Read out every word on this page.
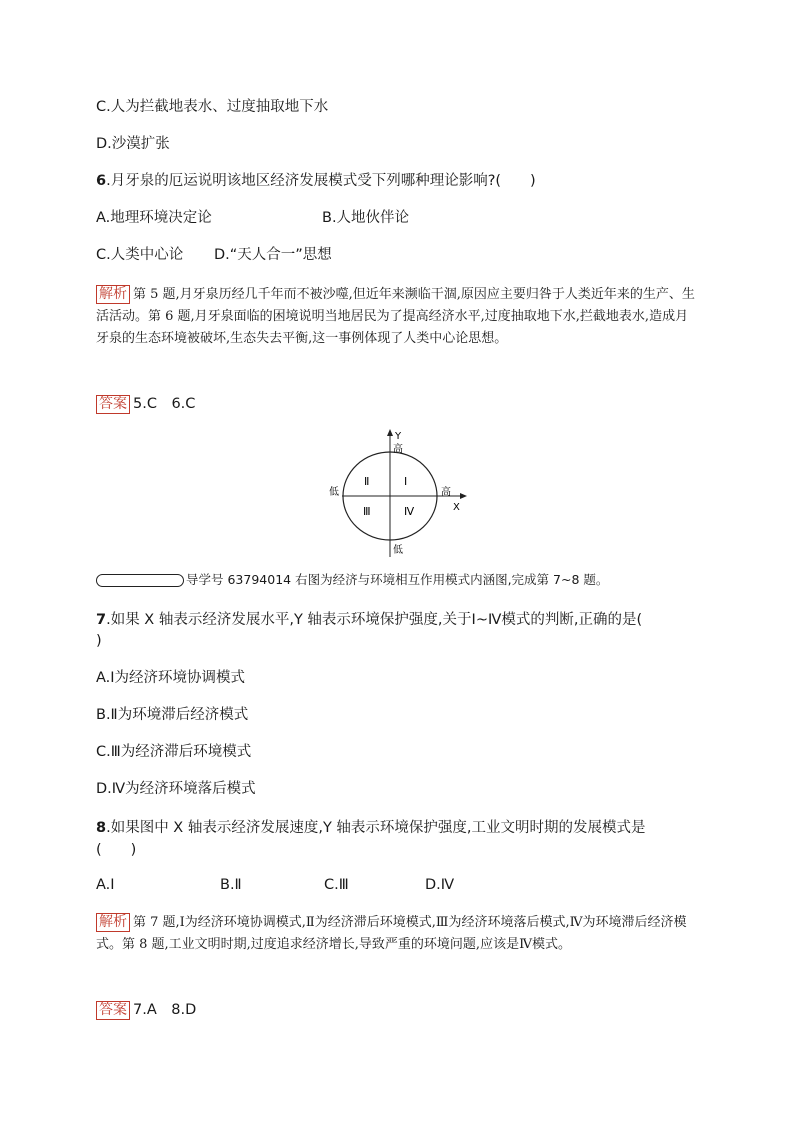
C.人为拦截地表水、过度抽取地下水
D.沙漠扩张
6.月牙泉的厄运说明该地区经济发展模式受下列哪种理论影响?(　　)
A.地理环境决定论	B.人地伙伴论
C.人类中心论 D.“天人合一”思想
解析 第 5 题,月牙泉历经几千年而不被沙噬,但近年来濒临干涸,原因应主要归咎于人类近年来的生产、生活活动。第 6 题,月牙泉面临的困境说明当地居民为了提高经济水平,过度抽取地下水,拦截地表水,造成月牙泉的生态环境被破坏,生态失去平衡,这一事例体现了人类中心论思想。
答案 5.C　6.C
Y
高
低
低	高
X
Ⅰ
Ⅱ
Ⅲ	Ⅳ
导学号 63794014 右图为经济与环境相互作用模式内涵图,完成第 7~8 题。
7.如果 X 轴表示经济发展水平,Y 轴表示环境保护强度,关于Ⅰ~Ⅳ模式的判断,正确的是(
)
A.Ⅰ为经济环境协调模式
B.Ⅱ为环境滞后经济模式
C.Ⅲ为经济滞后环境模式
D.Ⅳ为经济环境落后模式
8.如果图中 X 轴表示经济发展速度,Y 轴表示环境保护强度,工业文明时期的发展模式是
(　　)
A.Ⅰ	B.Ⅱ	C.Ⅲ	D.Ⅳ
解析 第 7 题,Ⅰ为经济环境协调模式,Ⅱ为经济滞后环境模式,Ⅲ为经济环境落后模式,Ⅳ为环境滞后经济模式。第 8 题,工业文明时期,过度追求经济增长,导致严重的环境问题,应该是Ⅳ模式。
答案 7.A　8.D
